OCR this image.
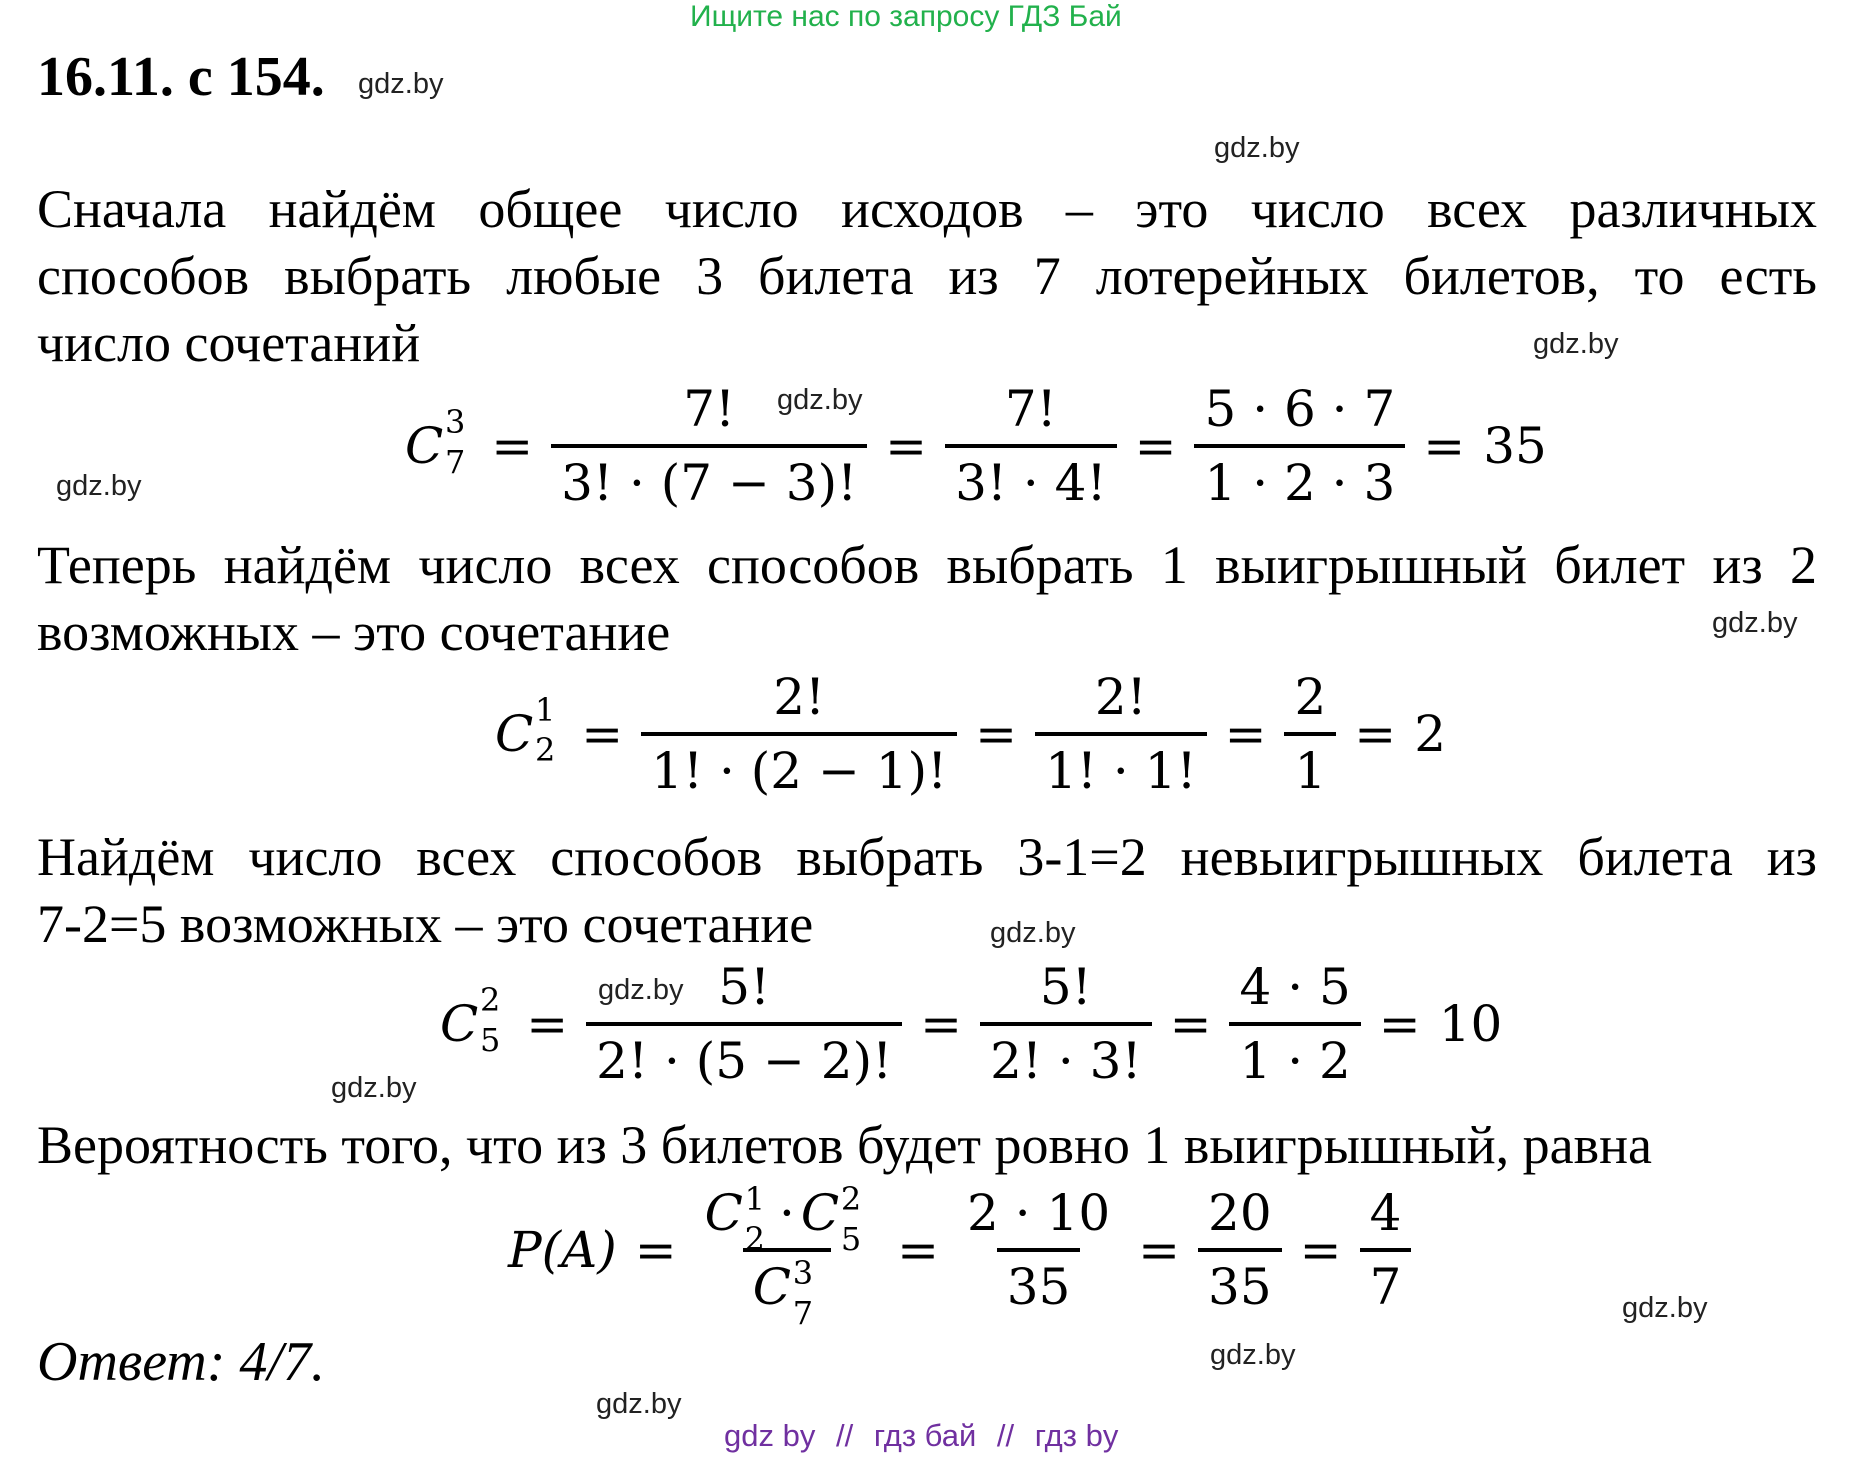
Ищите нас по запросу ГДЗ Бай
16.11. с 154. gdz.by
gdz.by
gdz.by
gdz.by
gdz.by
gdz.by
gdz.by
gdz.by
gdz.by
gdz.by
gdz.by
gdz.by
Сначала найдём общее число исходов – это число всех различных
способов выбрать любые 3 билета из 7 лотерейных билетов, то есть
число сочетаний
C 3
$7 = \frac{7!}{3! \cdot (7 - 3)!} = \frac{7!}{3! \cdot 4!} = \frac{5 \cdot 6 \cdot 7}{1 \cdot 2 \cdot 3} = 35$
Теперь найдём число всех способов выбрать 1 выигрышный билет из 2
возможных – это сочетание
C 1
$2 = \frac{2!}{1! \cdot (2 - 1)!} = \frac{2!}{1! \cdot 1!} = \frac{2}{1} = 2$
Найдём число всех способов выбрать 3-1=2 невыигрышных билета из
7-2=5 возможных – это сочетание
C 2
$5 = \frac{5!}{2! \cdot (5 - 2)!} = \frac{5!}{2! \cdot 3!} = \frac{4 \cdot 5}{1 \cdot 2} = 10$
Вероятность того, что из 3 билетов будет ровно 1 выигрышный, равна
P(A) = C 1
2 · C 2
5
C 3
$7 = \frac{2 \cdot 10}{35} = \frac{20}{35} = \frac{4}{7}$
Ответ: 4/7.
gdz by // гдз бай // гдз by
